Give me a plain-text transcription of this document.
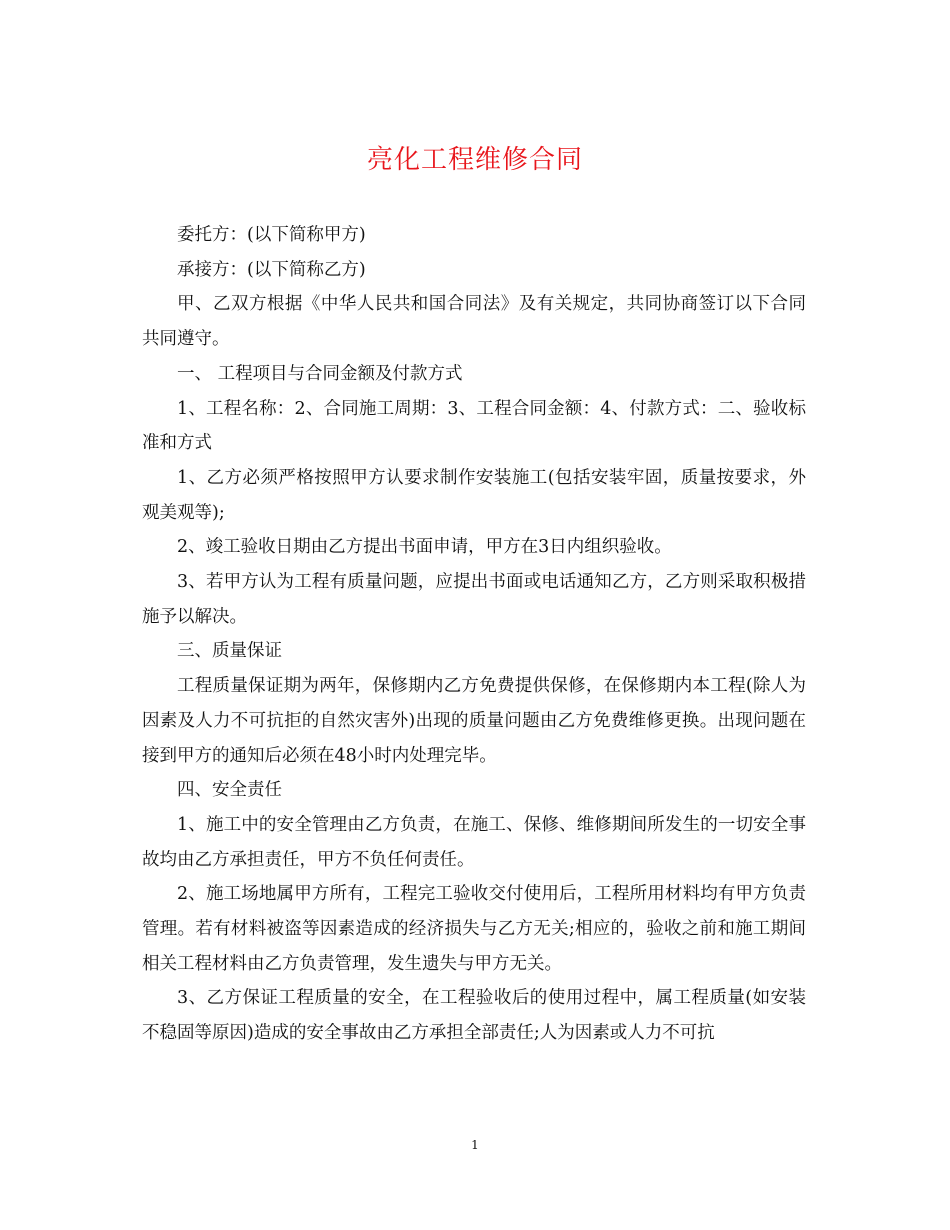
亮化工程维修合同

委托方：(以下简称甲方)

承接方：(以下简称乙方)

甲、乙双方根据《中华人民共和国合同法》及有关规定，共同协商签订以下合同共同遵守。

一、 工程项目与合同金额及付款方式

1、工程名称：2、合同施工周期：3、工程合同金额：4、付款方式：二、验收标准和方式

1、乙方必须严格按照甲方认要求制作安装施工(包括安装牢固，质量按要求，外观美观等);

2、竣工验收日期由乙方提出书面申请，甲方在3日内组织验收。

3、若甲方认为工程有质量问题，应提出书面或电话通知乙方，乙方则采取积极措施予以解决。

三、质量保证

工程质量保证期为两年，保修期内乙方免费提供保修，在保修期内本工程(除人为因素及人力不可抗拒的自然灾害外)出现的质量问题由乙方免费维修更换。出现问题在接到甲方的通知后必须在48小时内处理完毕。

四、安全责任

1、施工中的安全管理由乙方负责，在施工、保修、维修期间所发生的一切安全事故均由乙方承担责任，甲方不负任何责任。

2、施工场地属甲方所有，工程完工验收交付使用后，工程所用材料均有甲方负责管理。若有材料被盗等因素造成的经济损失与乙方无关;相应的，验收之前和施工期间相关工程材料由乙方负责管理，发生遗失与甲方无关。

3、乙方保证工程质量的安全，在工程验收后的使用过程中，属工程质量(如安装不稳固等原因)造成的安全事故由乙方承担全部责任;人为因素或人力不可抗

1
